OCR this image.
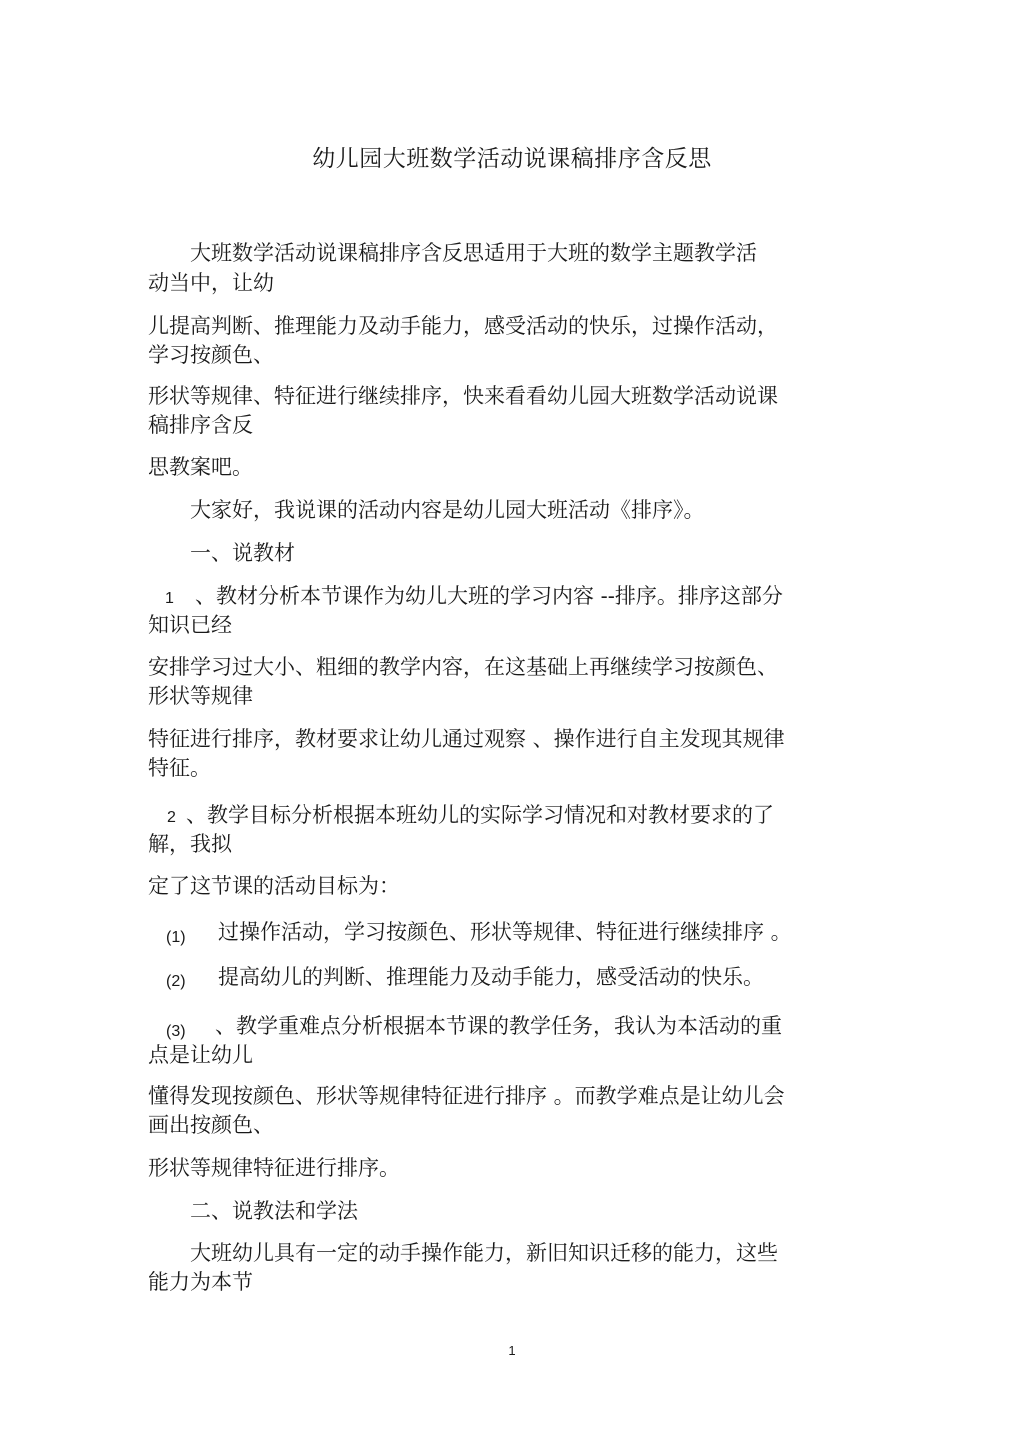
幼儿园大班数学活动说课稿排序含反思
大班数学活动说课稿排序含反思适用于大班的数学主题教学活
动当中，让幼
儿提高判断、推理能力及动手能力，感受活动的快乐，过操作活动，
学习按颜色、
形状等规律、特征进行继续排序，快来看看幼儿园大班数学活动说课
稿排序含反
思教案吧。
大家好，我说课的活动内容是幼儿园大班活动《排序》。
一、说教材
1 、教材分析本节课作为幼儿大班的学习内容 --排序。排序这部分
知识已经
安排学习过大小、粗细的教学内容，在这基础上再继续学习按颜色、
形状等规律
特征进行排序，教材要求让幼儿通过观察 、操作进行自主发现其规律
特征。
2 、教学目标分析根据本班幼儿的实际学习情况和对教材要求的了
解，我拟
定了这节课的活动目标为：
(1) 过操作活动，学习按颜色、形状等规律、特征进行继续排序 。
(2) 提高幼儿的判断、推理能力及动手能力，感受活动的快乐。
(3) 、教学重难点分析根据本节课的教学任务，我认为本活动的重
点是让幼儿
懂得发现按颜色、形状等规律特征进行排序 。而教学难点是让幼儿会
画出按颜色、
形状等规律特征进行排序。
二、说教法和学法
大班幼儿具有一定的动手操作能力，新旧知识迁移的能力，这些
能力为本节
1
